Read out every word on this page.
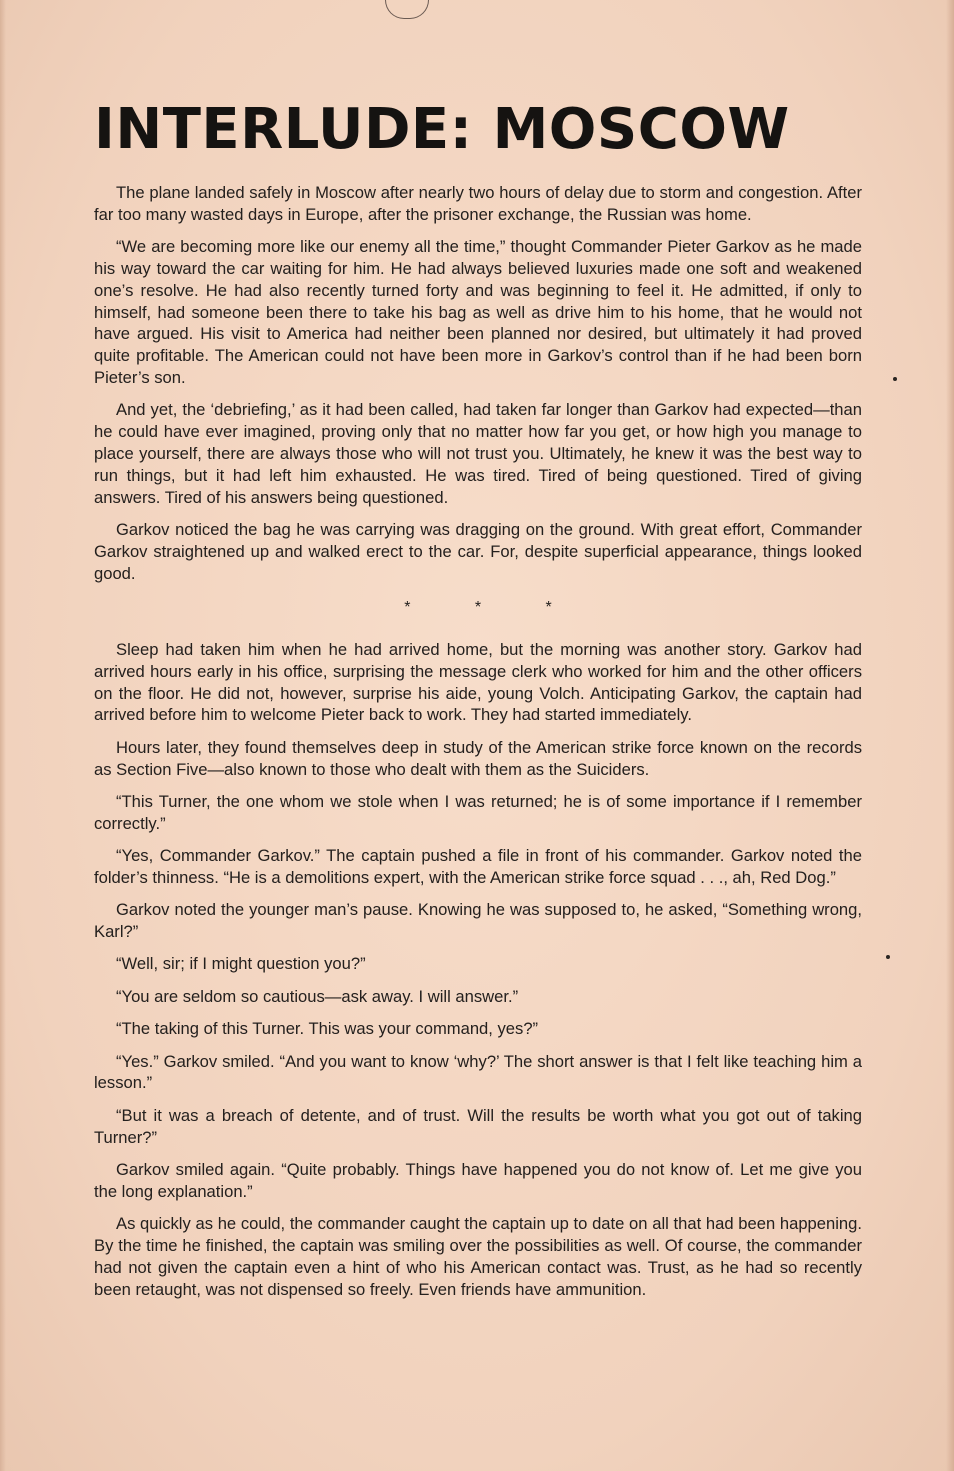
INTERLUDE: MOSCOW

The plane landed safely in Moscow after nearly two hours of delay due to storm and congestion. After far too many wasted days in Europe, after the prisoner exchange, the Russian was home.

“We are becoming more like our enemy all the time,” thought Commander Pieter Garkov as he made his way toward the car waiting for him. He had always believed luxuries made one soft and weakened one’s resolve. He had also recently turned forty and was beginning to feel it. He admitted, if only to himself, had someone been there to take his bag as well as drive him to his home, that he would not have argued. His visit to America had neither been planned nor desired, but ultimately it had proved quite profitable. The American could not have been more in Garkov’s control than if he had been born Pieter’s son.

And yet, the ‘debriefing,’ as it had been called, had taken far longer than Garkov had expected—than he could have ever imagined, proving only that no matter how far you get, or how high you manage to place yourself, there are always those who will not trust you. Ultimately, he knew it was the best way to run things, but it had left him exhausted. He was tired. Tired of being questioned. Tired of giving answers. Tired of his answers being questioned.

Garkov noticed the bag he was carrying was dragging on the ground. With great effort, Commander Garkov straightened up and walked erect to the car. For, despite superficial appearance, things looked good.

* * *

Sleep had taken him when he had arrived home, but the morning was another story. Garkov had arrived hours early in his office, surprising the message clerk who worked for him and the other officers on the floor. He did not, however, surprise his aide, young Volch. Anticipating Garkov, the captain had arrived before him to welcome Pieter back to work. They had started immediately.

Hours later, they found themselves deep in study of the American strike force known on the records as Section Five—also known to those who dealt with them as the Suiciders.

“This Turner, the one whom we stole when I was returned; he is of some importance if I remember correctly.”

“Yes, Commander Garkov.” The captain pushed a file in front of his commander. Garkov noted the folder’s thinness. “He is a demolitions expert, with the American strike force squad . . ., ah, Red Dog.”

Garkov noted the younger man’s pause. Knowing he was supposed to, he asked, “Something wrong, Karl?”

“Well, sir; if I might question you?”

“You are seldom so cautious—ask away. I will answer.”

“The taking of this Turner. This was your command, yes?”

“Yes.” Garkov smiled. “And you want to know ‘why?’ The short answer is that I felt like teaching him a lesson.”

“But it was a breach of detente, and of trust. Will the results be worth what you got out of taking Turner?”

Garkov smiled again. “Quite probably. Things have happened you do not know of. Let me give you the long explanation.”

As quickly as he could, the commander caught the captain up to date on all that had been happening. By the time he finished, the captain was smiling over the possibilities as well. Of course, the commander had not given the captain even a hint of who his American contact was. Trust, as he had so recently been retaught, was not dispensed so freely. Even friends have ammunition.
